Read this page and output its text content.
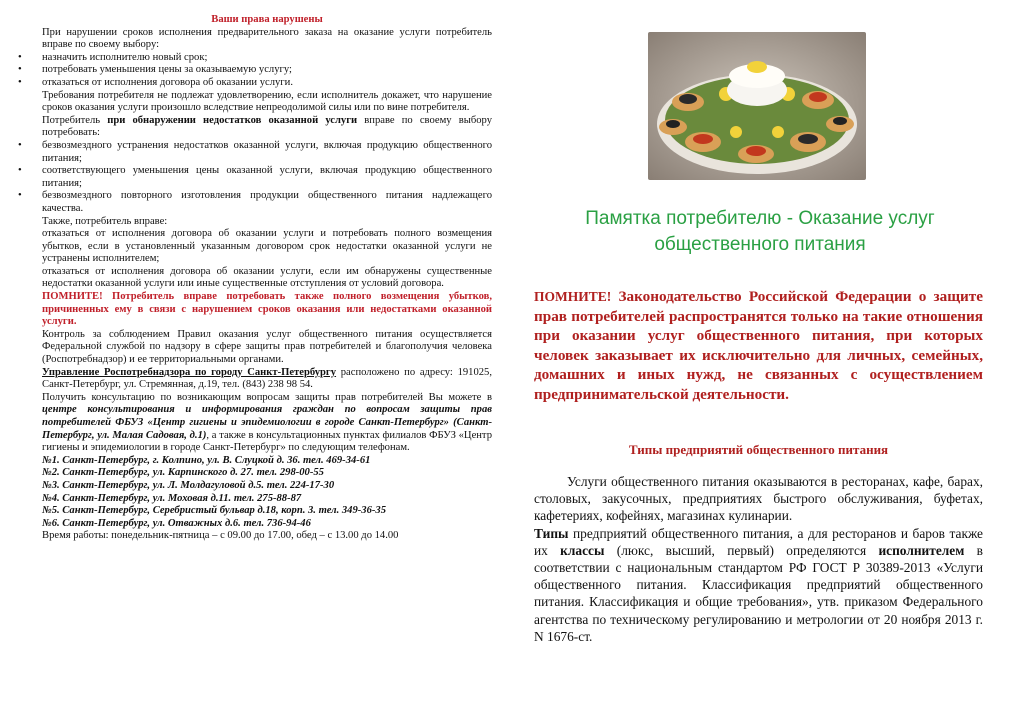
Ваши права нарушены

При нарушении сроков исполнения предварительного заказа на оказание услуги потребитель вправе по своему выбору:

• назначить исполнителю новый срок;

• потребовать уменьшения цены за оказываемую услугу;

• отказаться от исполнения договора об оказании услуги.

Требования потребителя не подлежат удовлетворению, если исполнитель докажет, что нарушение сроков оказания услуги произошло вследствие непреодолимой силы или по вине потребителя.

Потребитель при обнаружении недостатков оказанной услуги вправе по своему выбору потребовать:

• безвозмездного устранения недостатков оказанной услуги, включая продукцию общественного питания;

• соответствующего уменьшения цены оказанной услуги, включая продукцию общественного питания;

• безвозмездного повторного изготовления продукции общественного питания надлежащего качества.

Также, потребитель вправе:

отказаться от исполнения договора об оказании услуги и потребовать полного возмещения убытков, если в установленный указанным договором срок недостатки оказанной услуги не устранены исполнителем;

отказаться от исполнения договора об оказании услуги, если им обнаружены существенные недостатки оказанной услуги или иные существенные отступления от условий договора.

ПОМНИТЕ! Потребитель вправе потребовать также полного возмещения убытков, причиненных ему в связи с нарушением сроков оказания или недостатками оказанной услуги.

Контроль за соблюдением Правил оказания услуг общественного питания осуществляется Федеральной службой по надзору в сфере защиты прав потребителей и благополучия человека (Роспотребнадзор) и ее территориальными органами.

Управление Роспотребнадзора по городу Санкт-Петербургу расположено по адресу: 191025, Санкт-Петербург, ул. Стремянная, д.19, тел. (843) 238 98 54.

Получить консультацию по возникающим вопросам защиты прав потребителей Вы можете в центре консультирования и информирования граждан по вопросам защиты прав потребителей ФБУЗ «Центр гигиены и эпидемиологии в городе Санкт-Петербург» (Санкт-Петербург, ул. Малая Садовая, д.1), а также в консультационных пунктах филиалов ФБУЗ «Центр гигиены и эпидемиологии в городе Санкт-Петербург» по следующим телефонам.

№1. Санкт-Петербург, г. Колпино, ул. В. Слуцкой д. 36. тел. 469-34-61

№2. Санкт-Петербург, ул. Карпинского д. 27. тел. 298-00-55

№3. Санкт-Петербург, ул. Л. Молдагуловой д.5. тел. 224-17-30

№4. Санкт-Петербург, ул. Моховая д.11. тел. 275-88-87

№5. Санкт-Петербург, Серебристый бульвар д.18, корп. 3. тел. 349-36-35

№6. Санкт-Петербург, ул. Отважных д.6. тел. 736-94-46

Время работы: понедельник-пятница – с 09.00 до 17.00, обед – с 13.00 до 14.00

Памятка потребителю - Оказание услуг общественного питания
ПОМНИТЕ! Законодательство Российской Федерации о защите прав потребителей распространятся только на такие отношения при оказании услуг общественного питания, при которых человек заказывает их исключительно для личных, семейных, домашних и иных нужд, не связанных с осуществлением предпринимательской деятельности.
Типы предприятий общественного питания

Услуги общественного питания оказываются в ресторанах, кафе, барах, столовых, закусочных, предприятиях быстрого обслуживания, буфетах, кафетериях, кофейнях, магазинах кулинарии.

Типы предприятий общественного питания, а для ресторанов и баров также их классы (люкс, высший, первый) определяются исполнителем в соответствии с национальным стандартом РФ ГОСТ Р 30389-2013 «Услуги общественного питания. Классификация предприятий общественного питания. Классификация и общие требования», утв. приказом Федерального агентства по техническому регулированию и метрологии от 20 ноября 2013 г. N 1676-ст.
